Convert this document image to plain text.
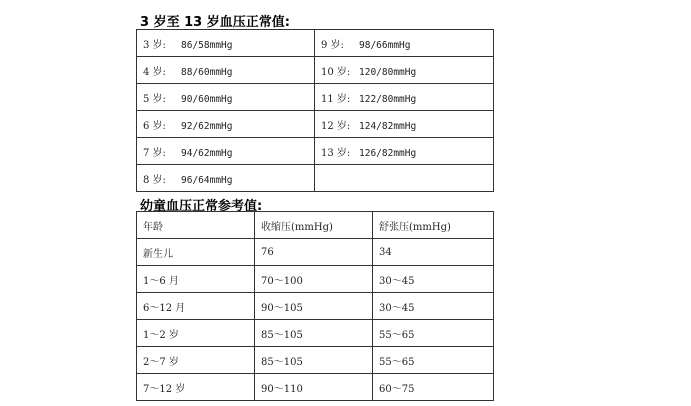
3 岁至 13 岁血压正常值:
3 岁: 86/58mmHg	9 岁: 98/66mmHg
4 岁: 88/60mmHg	10 岁: 120/80mmHg
5 岁: 90/60mmHg	11 岁: 122/80mmHg
6 岁: 92/62mmHg	12 岁: 124/82mmHg
7 岁: 94/62mmHg	13 岁: 126/82mmHg
8 岁: 96/64mmHg	
幼童血压正常参考值:
年龄	收缩压(mmHg)	舒张压(mmHg)
新生儿	76	34
1～6 月	70～100	30～45
6～12 月	90～105	30～45
1～2 岁	85～105	55～65
2～7 岁	85～105	55～65
7～12 岁	90～110	60～75
